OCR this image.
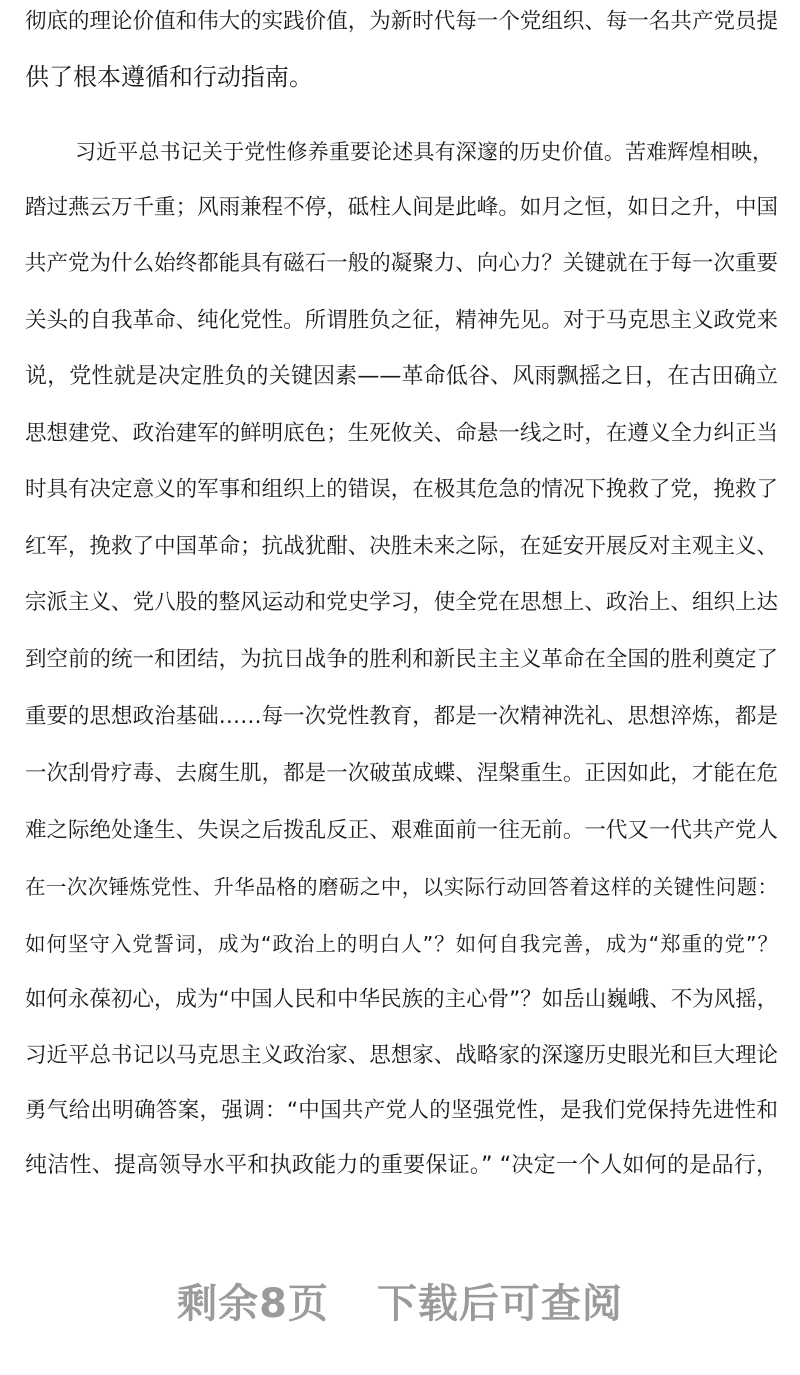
彻底的理论价值和伟大的实践价值，为新时代每一个党组织、每一名共产党员提
供了根本遵循和行动指南。
习近平总书记关于党性修养重要论述具有深邃的历史价值。苦难辉煌相映，
踏过燕云万千重；风雨兼程不停，砥柱人间是此峰。如月之恒，如日之升，中国
共产党为什么始终都能具有磁石一般的凝聚力、向心力？关键就在于每一次重要
关头的自我革命、纯化党性。所谓胜负之征，精神先见。对于马克思主义政党来
说，党性就是决定胜负的关键因素——革命低谷、风雨飘摇之日，在古田确立
思想建党、政治建军的鲜明底色；生死攸关、命悬一线之时，在遵义全力纠正当
时具有决定意义的军事和组织上的错误，在极其危急的情况下挽救了党，挽救了
红军，挽救了中国革命；抗战犹酣、决胜未来之际，在延安开展反对主观主义、
宗派主义、党八股的整风运动和党史学习，使全党在思想上、政治上、组织上达
到空前的统一和团结，为抗日战争的胜利和新民主主义革命在全国的胜利奠定了
重要的思想政治基础……每一次党性教育，都是一次精神洗礼、思想淬炼，都是
一次刮骨疗毒、去腐生肌，都是一次破茧成蝶、涅槃重生。正因如此，才能在危
难之际绝处逢生、失误之后拨乱反正、艰难面前一往无前。一代又一代共产党人
在一次次锤炼党性、升华品格的磨砺之中，以实际行动回答着这样的关键性问题：
如何坚守入党誓词，成为“政治上的明白人”？如何自我完善，成为“郑重的党”？
如何永葆初心，成为“中国人民和中华民族的主心骨”？如岳山巍峨、不为风摇，
习近平总书记以马克思主义政治家、思想家、战略家的深邃历史眼光和巨大理论
勇气给出明确答案，强调：“中国共产党人的坚强党性，是我们党保持先进性和
纯洁性、提高领导水平和执政能力的重要保证。” “决定一个人如何的是品行，
剩余8页 下载后可查阅
